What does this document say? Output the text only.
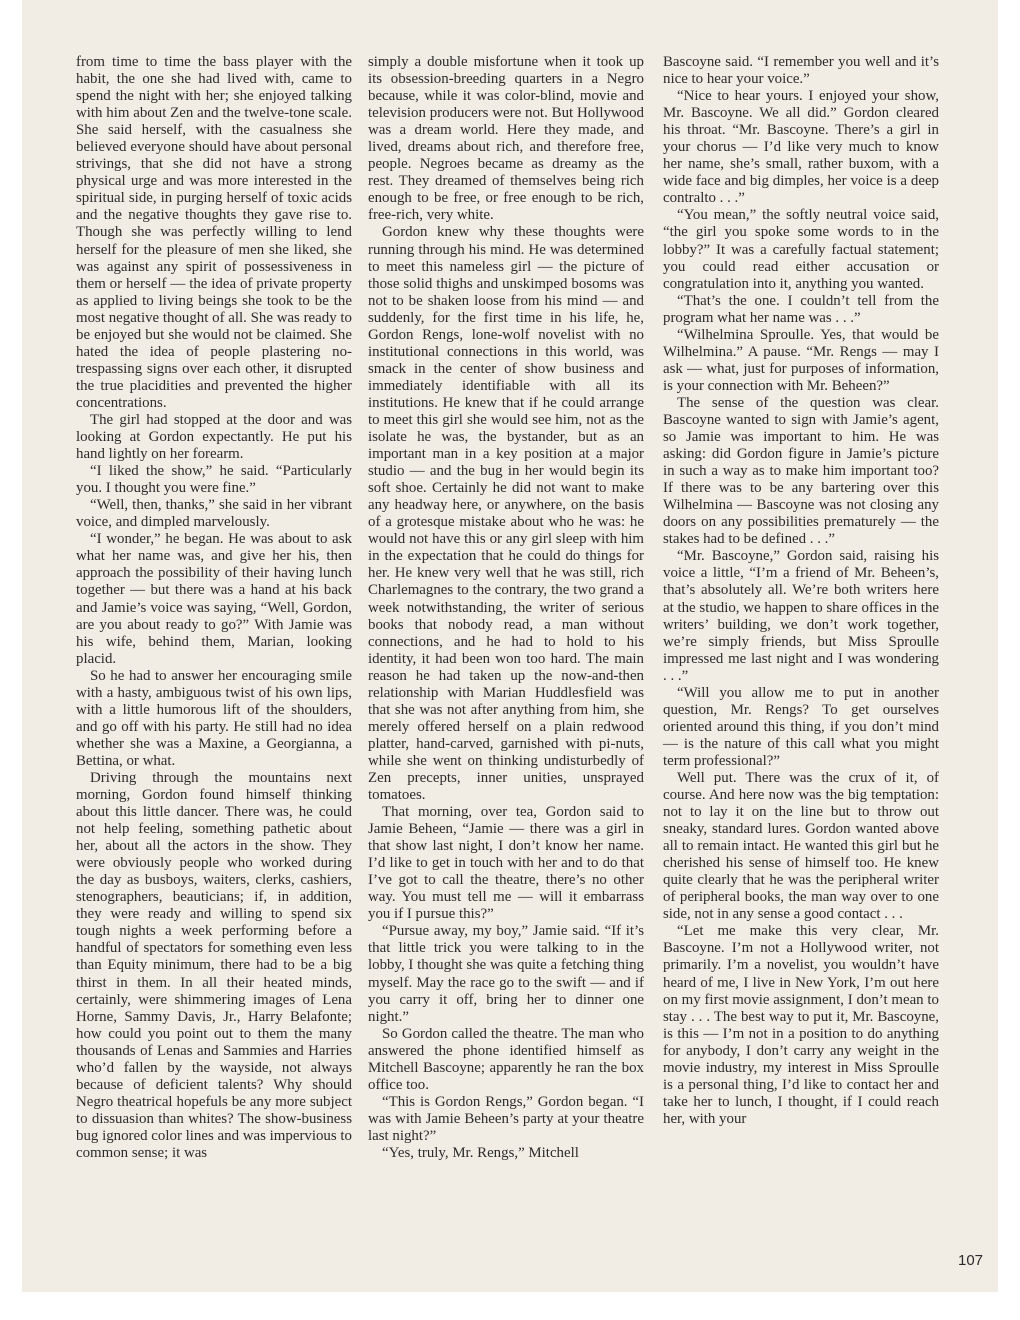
from time to time the bass player with the habit, the one she had lived with, came to spend the night with her; she enjoyed talking with him about Zen and the twelve-tone scale. She said herself, with the casualness she believed everyone should have about personal strivings, that she did not have a strong physical urge and was more interested in the spiritual side, in purging herself of toxic acids and the negative thoughts they gave rise to. Though she was perfectly willing to lend herself for the pleasure of men she liked, she was against any spirit of possessiveness in them or herself — the idea of private property as applied to living beings she took to be the most negative thought of all. She was ready to be enjoyed but she would not be claimed. She hated the idea of people plastering no-trespassing signs over each other, it disrupted the true placidities and prevented the higher concentrations.

The girl had stopped at the door and was looking at Gordon expectantly. He put his hand lightly on her forearm.

“I liked the show,” he said. “Particularly you. I thought you were fine.”

“Well, then, thanks,” she said in her vibrant voice, and dimpled marvelously.

“I wonder,” he began. He was about to ask what her name was, and give her his, then approach the possibility of their having lunch together — but there was a hand at his back and Jamie’s voice was saying, “Well, Gordon, are you about ready to go?” With Jamie was his wife, behind them, Marian, looking placid.

So he had to answer her encouraging smile with a hasty, ambiguous twist of his own lips, with a little humorous lift of the shoulders, and go off with his party. He still had no idea whether she was a Maxine, a Georgianna, a Bettina, or what.

Driving through the mountains next morning, Gordon found himself thinking about this little dancer. There was, he could not help feeling, something pathetic about her, about all the actors in the show. They were obviously people who worked during the day as busboys, waiters, clerks, cashiers, stenographers, beauticians; if, in addition, they were ready and willing to spend six tough nights a week performing before a handful of spectators for something even less than Equity minimum, there had to be a big thirst in them. In all their heated minds, certainly, were shimmering images of Lena Horne, Sammy Davis, Jr., Harry Belafonte; how could you point out to them the many thousands of Lenas and Sammies and Harries who’d fallen by the wayside, not always because of deficient talents? Why should Negro theatrical hopefuls be any more subject to dissuasion than whites? The show-business bug ignored color lines and was impervious to common sense; it was

simply a double misfortune when it took up its obsession-breeding quarters in a Negro because, while it was color-blind, movie and television producers were not. But Hollywood was a dream world. Here they made, and lived, dreams about rich, and therefore free, people. Negroes became as dreamy as the rest. They dreamed of themselves being rich enough to be free, or free enough to be rich, free-rich, very white.

Gordon knew why these thoughts were running through his mind. He was determined to meet this nameless girl — the picture of those solid thighs and unskimped bosoms was not to be shaken loose from his mind — and suddenly, for the first time in his life, he, Gordon Rengs, lone-wolf novelist with no institutional connections in this world, was smack in the center of show business and immediately identifiable with all its institutions. He knew that if he could arrange to meet this girl she would see him, not as the isolate he was, the bystander, but as an important man in a key position at a major studio — and the bug in her would begin its soft shoe. Certainly he did not want to make any headway here, or anywhere, on the basis of a grotesque mistake about who he was: he would not have this or any girl sleep with him in the expectation that he could do things for her. He knew very well that he was still, rich Charlemagnes to the contrary, the two grand a week notwithstanding, the writer of serious books that nobody read, a man without connections, and he had to hold to his identity, it had been won too hard. The main reason he had taken up the now-and-then relationship with Marian Huddlesfield was that she was not after anything from him, she merely offered herself on a plain redwood platter, hand-carved, garnished with pi-nuts, while she went on thinking undisturbedly of Zen precepts, inner unities, unsprayed tomatoes.

That morning, over tea, Gordon said to Jamie Beheen, “Jamie — there was a girl in that show last night, I don’t know her name. I’d like to get in touch with her and to do that I’ve got to call the theatre, there’s no other way. You must tell me — will it embarrass you if I pursue this?”

“Pursue away, my boy,” Jamie said. “If it’s that little trick you were talking to in the lobby, I thought she was quite a fetching thing myself. May the race go to the swift — and if you carry it off, bring her to dinner one night.”

So Gordon called the theatre. The man who answered the phone identified himself as Mitchell Bascoyne; apparently he ran the box office too.

“This is Gordon Rengs,” Gordon began. “I was with Jamie Beheen’s party at your theatre last night?”

“Yes, truly, Mr. Rengs,” Mitchell

Bascoyne said. “I remember you well and it’s nice to hear your voice.”

“Nice to hear yours. I enjoyed your show, Mr. Bascoyne. We all did.” Gordon cleared his throat. “Mr. Bascoyne. There’s a girl in your chorus — I’d like very much to know her name, she’s small, rather buxom, with a wide face and big dimples, her voice is a deep contralto . . .”

“You mean,” the softly neutral voice said, “the girl you spoke some words to in the lobby?” It was a carefully factual statement; you could read either accusation or congratulation into it, anything you wanted.

“That’s the one. I couldn’t tell from the program what her name was . . .”

“Wilhelmina Sproulle. Yes, that would be Wilhelmina.” A pause. “Mr. Rengs — may I ask — what, just for purposes of information, is your connection with Mr. Beheen?”

The sense of the question was clear. Bascoyne wanted to sign with Jamie’s agent, so Jamie was important to him. He was asking: did Gordon figure in Jamie’s picture in such a way as to make him important too? If there was to be any bartering over this Wilhelmina — Bascoyne was not closing any doors on any possibilities prematurely — the stakes had to be defined . . .”

“Mr. Bascoyne,” Gordon said, raising his voice a little, “I’m a friend of Mr. Beheen’s, that’s absolutely all. We’re both writers here at the studio, we happen to share offices in the writers’ building, we don’t work together, we’re simply friends, but Miss Sproulle impressed me last night and I was wondering . . .”

“Will you allow me to put in another question, Mr. Rengs? To get ourselves oriented around this thing, if you don’t mind — is the nature of this call what you might term professional?”

Well put. There was the crux of it, of course. And here now was the big temptation: not to lay it on the line but to throw out sneaky, standard lures. Gordon wanted above all to remain intact. He wanted this girl but he cherished his sense of himself too. He knew quite clearly that he was the peripheral writer of peripheral books, the man way over to one side, not in any sense a good contact . . .

“Let me make this very clear, Mr. Bascoyne. I’m not a Hollywood writer, not primarily. I’m a novelist, you wouldn’t have heard of me, I live in New York, I’m out here on my first movie assignment, I don’t mean to stay . . . The best way to put it, Mr. Bascoyne, is this — I’m not in a position to do anything for anybody, I don’t carry any weight in the movie industry, my interest in Miss Sproulle is a personal thing, I’d like to contact her and take her to lunch, I thought, if I could reach her, with your

107
